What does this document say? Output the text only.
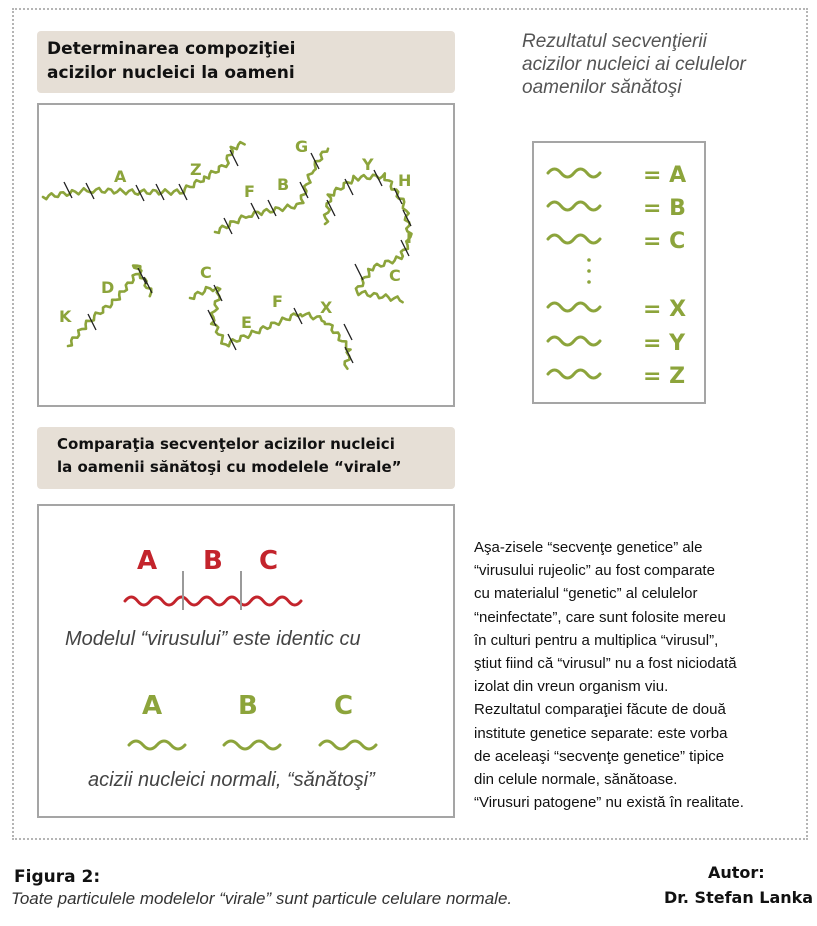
Determinarea compoziţiei
acizilor nucleici la oameni
Rezultatul secvenţierii
acizilor nucleici ai celulelor
oamenilor sănătoşi
Comparaţia secvenţelor acizilor nucleici
la oamenii sănătoşi cu modelele “virale”
Aşa-zisele “secvenţe genetice” ale
“virusului rujeolic” au fost comparate
cu materialul “genetic” al celulelor
“neinfectate”, care sunt folosite mereu
în culturi pentru a multiplica “virusul”,
ştiut fiind că “virusul” nu a fost niciodată
izolat din vreun organism viu.
Rezultatul comparaţiei făcute de două
institute genetice separate: este vorba
de aceleaşi “secvenţe genetice” tipice
din celule normale, sănătoase.
“Virusuri patogene” nu există în realitate.
Figura 2:
Toate particulele modelelor “virale” sunt particule celulare normale.
Autor:
Dr. Stefan Lanka
A	Z
G
F B
Y
H
I
C
D
K
C
E
F X
= A
= B
= C
= X
= Y
= Z
A B C
Modelul “virusului” este identic cu
A	B	C
acizii nucleici normali, “sănătoşi”
